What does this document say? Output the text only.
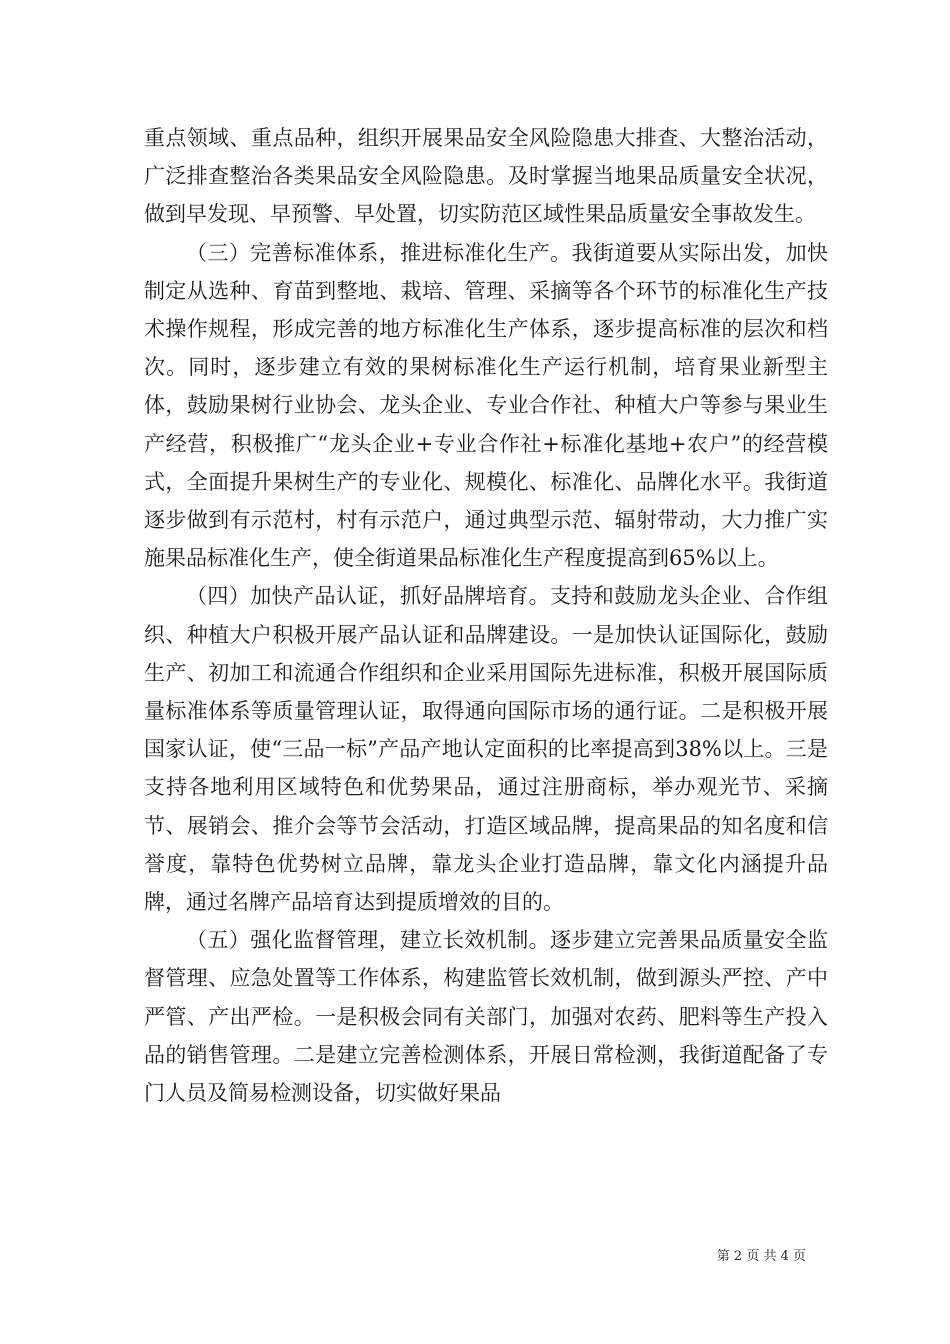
重点领域、重点品种，组织开展果品安全风险隐患大排查、大整治活动，广泛排查整治各类果品安全风险隐患。及时掌握当地果品质量安全状况，做到早发现、早预警、早处置，切实防范区域性果品质量安全事故发生。

（三）完善标准体系，推进标准化生产。我街道要从实际出发，加快制定从选种、育苗到整地、栽培、管理、采摘等各个环节的标准化生产技术操作规程，形成完善的地方标准化生产体系，逐步提高标准的层次和档次。同时，逐步建立有效的果树标准化生产运行机制，培育果业新型主体，鼓励果树行业协会、龙头企业、专业合作社、种植大户等参与果业生产经营，积极推广“龙头企业+专业合作社+标准化基地+农户”的经营模式，全面提升果树生产的专业化、规模化、标准化、品牌化水平。我街道逐步做到有示范村，村有示范户，通过典型示范、辐射带动，大力推广实施果品标准化生产，使全街道果品标准化生产程度提高到65%以上。

（四）加快产品认证，抓好品牌培育。支持和鼓励龙头企业、合作组织、种植大户积极开展产品认证和品牌建设。一是加快认证国际化，鼓励生产、初加工和流通合作组织和企业采用国际先进标准，积极开展国际质量标准体系等质量管理认证，取得通向国际市场的通行证。二是积极开展国家认证，使“三品一标”产品产地认定面积的比率提高到38%以上。三是支持各地利用区域特色和优势果品，通过注册商标，举办观光节、采摘节、展销会、推介会等节会活动，打造区域品牌，提高果品的知名度和信誉度，靠特色优势树立品牌，靠龙头企业打造品牌，靠文化内涵提升品牌，通过名牌产品培育达到提质增效的目的。

（五）强化监督管理，建立长效机制。逐步建立完善果品质量安全监督管理、应急处置等工作体系，构建监管长效机制，做到源头严控、产中严管、产出严检。一是积极会同有关部门，加强对农药、肥料等生产投入品的销售管理。二是建立完善检测体系，开展日常检测，我街道配备了专门人员及简易检测设备，切实做好果品

第 2 页 共 4 页
